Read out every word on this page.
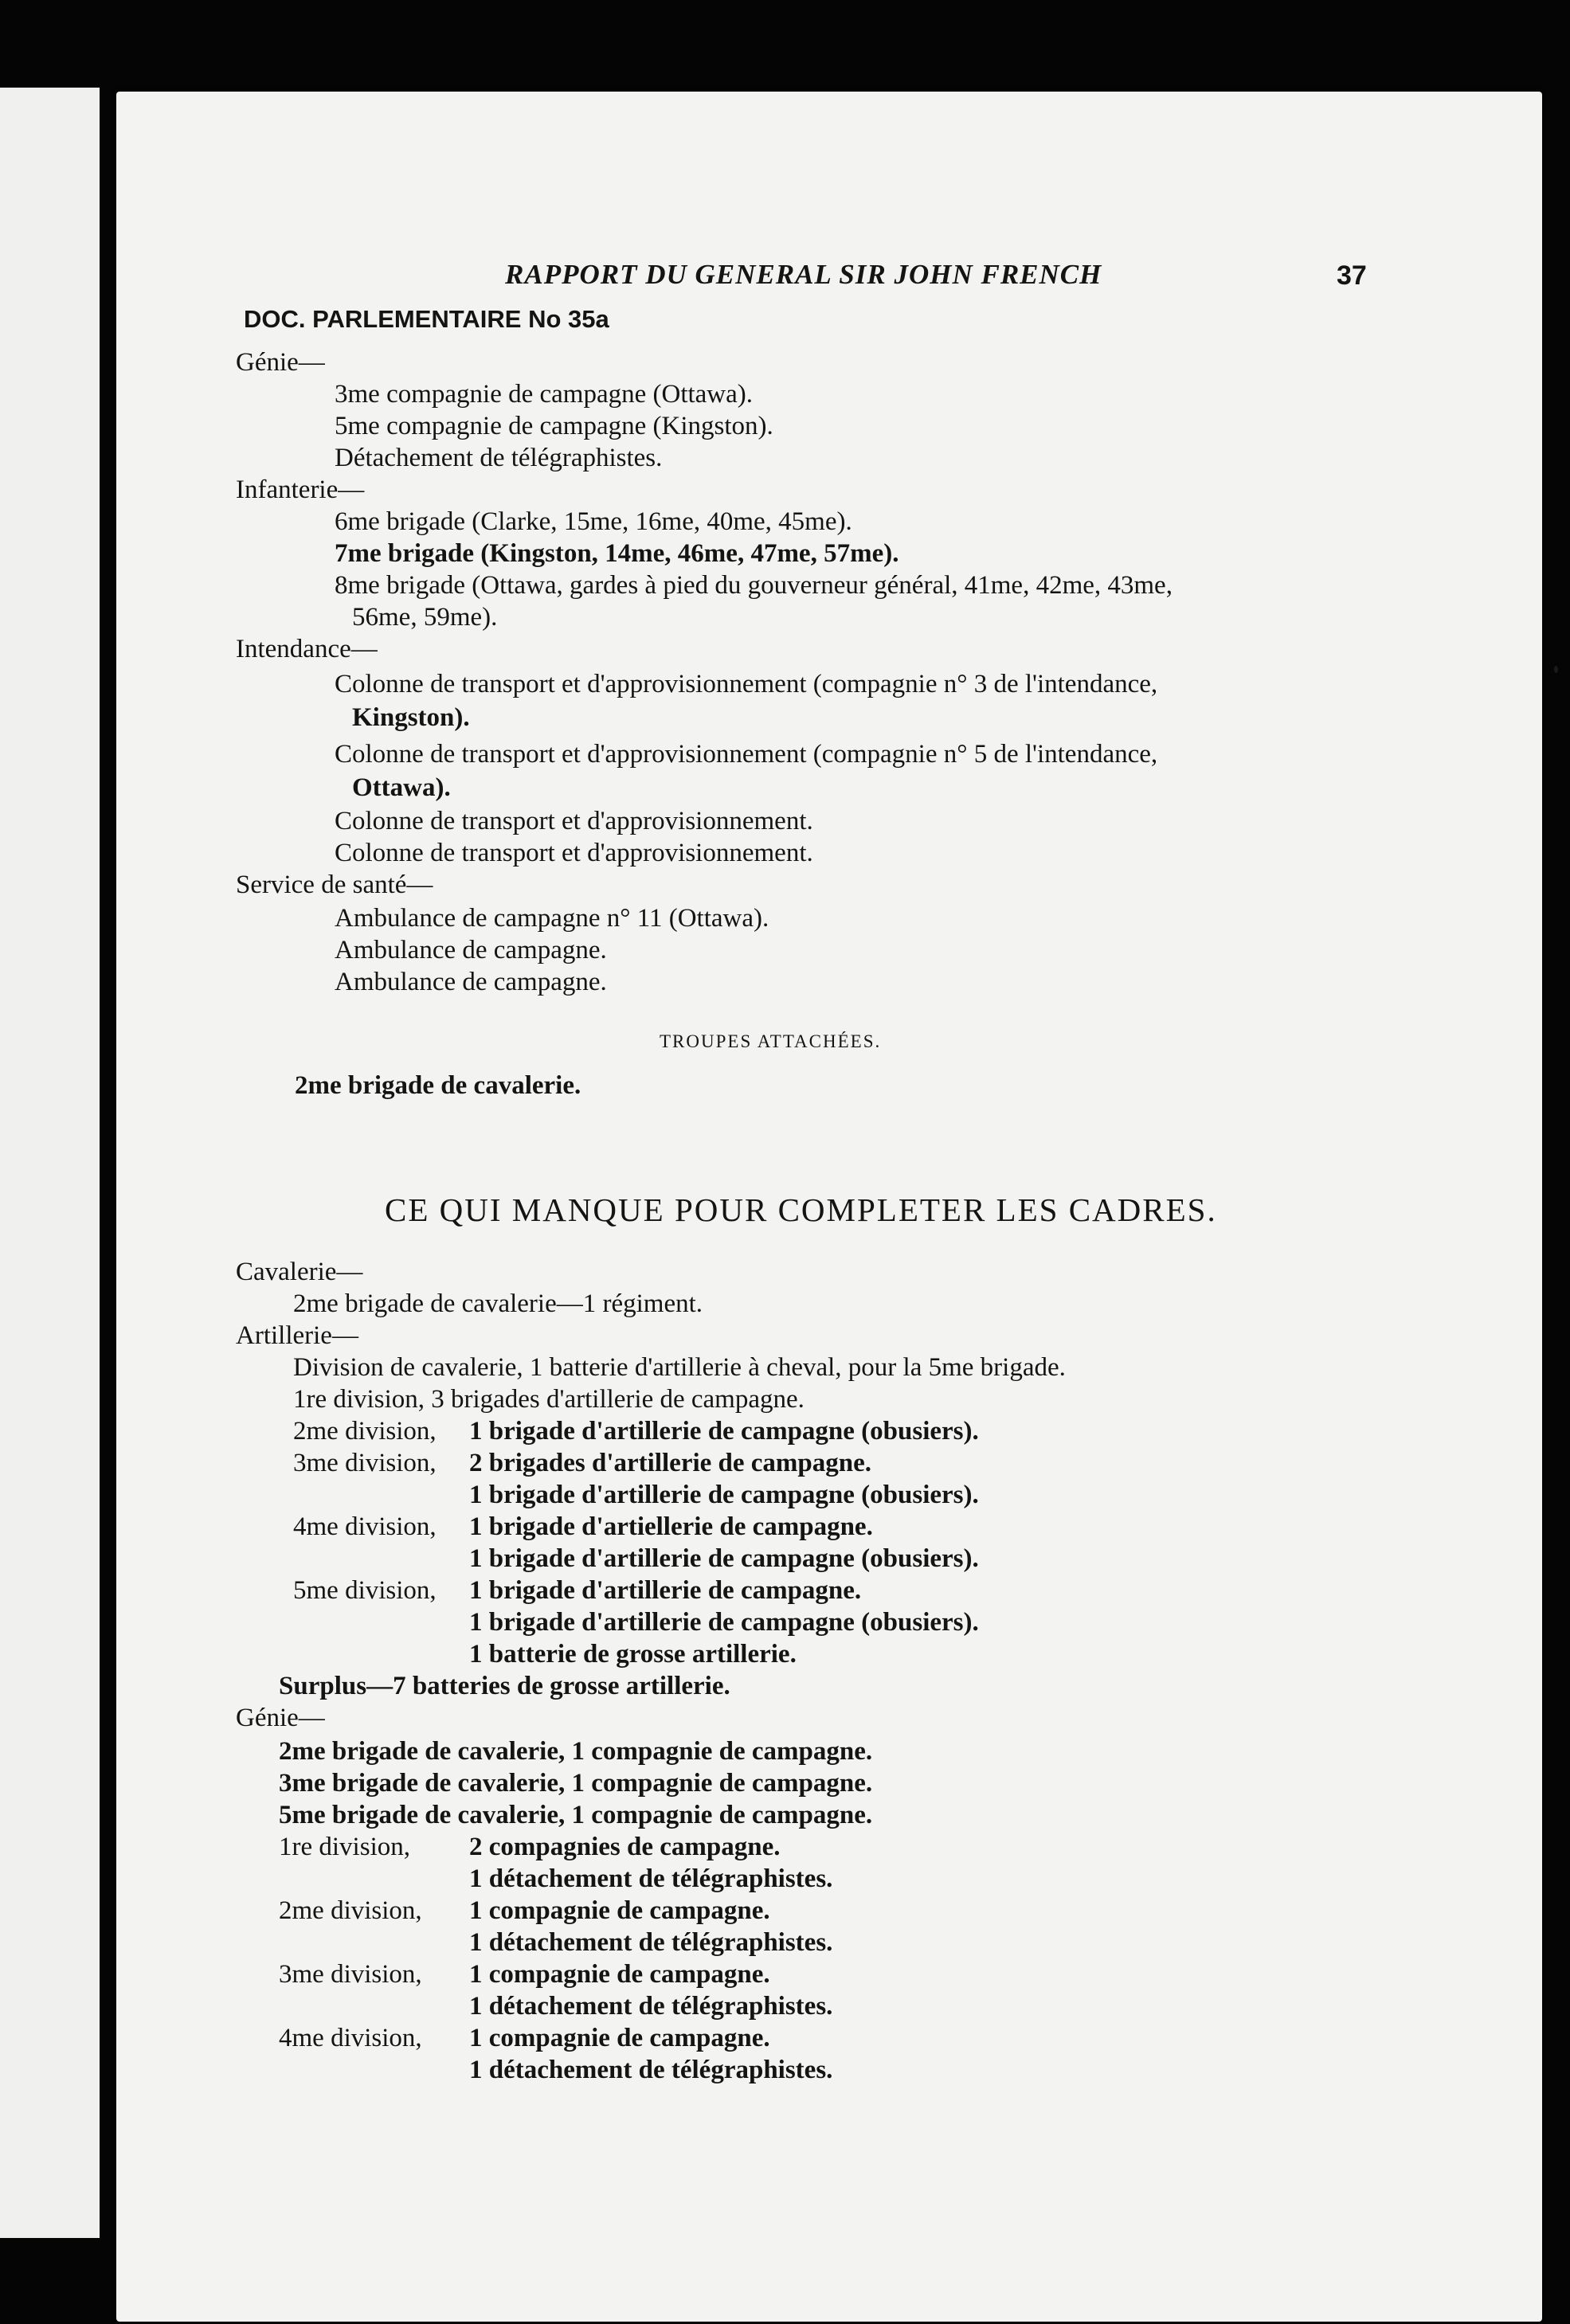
RAPPORT DU GENERAL SIR JOHN FRENCH	37
DOC. PARLEMENTAIRE No 35a
Génie—
3me compagnie de campagne (Ottawa).
5me compagnie de campagne (Kingston).
Détachement de télégraphistes.
Infanterie—
6me brigade (Clarke, 15me, 16me, 40me, 45me).
7me brigade (Kingston, 14me, 46me, 47me, 57me).
8me brigade (Ottawa, gardes à pied du gouverneur général, 41me, 42me, 43me,
56me, 59me).
Intendance—
Colonne de transport et d'approvisionnement (compagnie n° 3 de l'intendance,
Kingston).
Colonne de transport et d'approvisionnement (compagnie n° 5 de l'intendance,
Ottawa).
Colonne de transport et d'approvisionnement.
Colonne de transport et d'approvisionnement.
Service de santé—
Ambulance de campagne n° 11 (Ottawa).
Ambulance de campagne.
Ambulance de campagne.
TROUPES ATTACHÉES.
2me brigade de cavalerie.
CE QUI MANQUE POUR COMPLETER LES CADRES.
Cavalerie—
2me brigade de cavalerie—1 régiment.
Artillerie—
Division de cavalerie, 1 batterie d'artillerie à cheval, pour la 5me brigade.
1re division, 3 brigades d'artillerie de campagne.
2me division, 1 brigade d'artillerie de campagne (obusiers).
3me division, 2 brigades d'artillerie de campagne.
1 brigade d'artillerie de campagne (obusiers).
4me division, 1 brigade d'artiellerie de campagne.
1 brigade d'artillerie de campagne (obusiers).
5me division, 1 brigade d'artillerie de campagne.
1 brigade d'artillerie de campagne (obusiers).
1 batterie de grosse artillerie.
Surplus—7 batteries de grosse artillerie.
Génie—
2me brigade de cavalerie, 1 compagnie de campagne.
3me brigade de cavalerie, 1 compagnie de campagne.
5me brigade de cavalerie, 1 compagnie de campagne.
1re division, 2 compagnies de campagne.
1 détachement de télégraphistes.
2me division, 1 compagnie de campagne.
1 détachement de télégraphistes.
3me division, 1 compagnie de campagne.
1 détachement de télégraphistes.
4me division, 1 compagnie de campagne.
1 détachement de télégraphistes.
